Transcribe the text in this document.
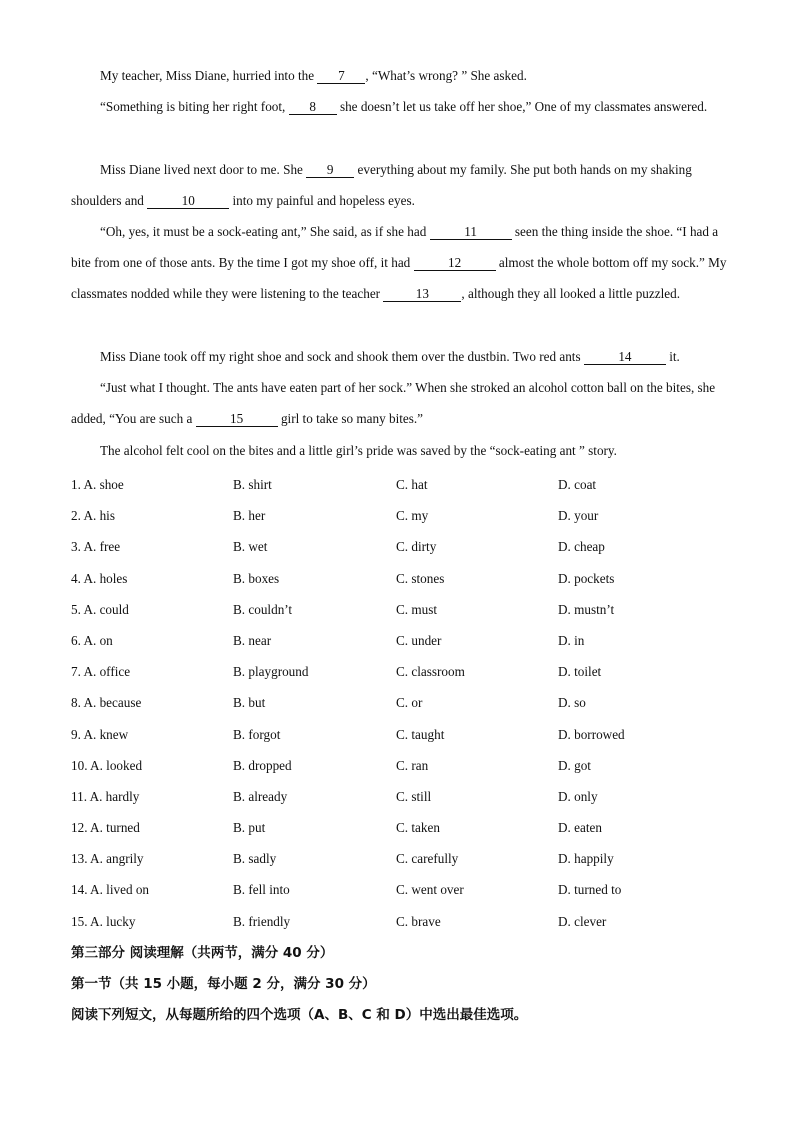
My teacher, Miss Diane, hurried into the 7 , “What’s wrong? ” She asked.

“Something is biting her right foot, 8 she doesn’t let us take off her shoe,” One of my classmates answered.

Miss Diane lived next door to me. She 9 everything about my family. She put both hands on my shaking shoulders and	10	into my painful and hopeless eyes.

“Oh, yes, it must be a sock-eating ant,” She said, as if she had	11	seen the thing inside the shoe. “I had a bite from one of those ants. By the time I got my shoe off, it had	12	almost the whole bottom off my sock.” My classmates nodded while they were listening to the teacher 13 , although they all looked a little puzzled.

Miss Diane took off my right shoe and sock and shook them over the dustbin. Two red ants	14	it.

“Just what I thought. The ants have eaten part of her sock.” When she stroked an alcohol cotton ball on the bites, she added, “You are such a	15	girl to take so many bites.”

The alcohol felt cool on the bites and a little girl’s pride was saved by the “sock-eating ant ” story.

1. A. shoe	B. shirt	C. hat	D. coat
2. A. his	B. her	C. my	D. your
3. A. free	B. wet	C. dirty	D. cheap
4. A. holes	B. boxes	C. stones	D. pockets
5. A. could	B. couldn’t	C. must	D. mustn’t
6. A. on	B. near	C. under	D. in
7. A. office	B. playground	C. classroom	D. toilet
8. A. because	B. but	C. or	D. so
9. A. knew	B. forgot	C. taught	D. borrowed
10. A. looked	B. dropped	C. ran	D. got
11. A. hardly	B. already	C. still	D. only
12. A. turned	B. put	C. taken	D. eaten
13. A. angrily	B. sadly	C. carefully	D. happily
14. A. lived on	B. fell into	C. went over	D. turned to
15. A. lucky	B. friendly	C. brave	D. clever

第三部分 阅读理解（共两节，满分 40 分）

第一节（共 15 小题，每小题 2 分，满分 30 分）

阅读下列短文，从每题所给的四个选项（A、B、C 和 D）中选出最佳选项。
